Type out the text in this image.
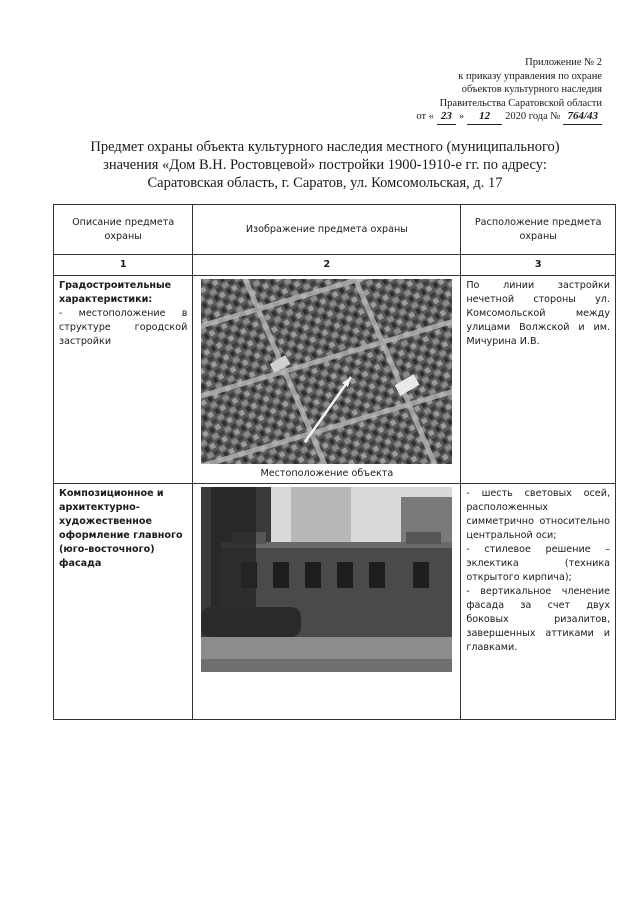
Приложение № 2
к приказу управления по охране
объектов культурного наследия
Правительства Саратовской области
от « 23 »	12	2020 года № 764/43
Предмет охраны объекта культурного наследия местного (муниципального)
значения «Дом В.Н. Ростовцевой» постройки 1900-1910-е гг. по адресу:
Саратовская область, г. Саратов, ул. Комсомольская, д. 17
Описание предмета охраны	Изображение предмета охраны	Расположение предмета охраны
1	2	3

Градостроительные характеристики:

- местоположение в структуре городской застройки	Местоположение объекта	По линии застройки нечетной стороны ул. Комсомольской между улицами Волжской и им. Мичурина И.В.

Композиционное и архитектурно-художественное оформление главного (юго-восточного) фасада		- шесть световых осей, расположенных симметрично относительно центральной оси;

- стилевое решение – эклектика (техника открытого кирпича);

- вертикальное членение фасада за счет двух боковых ризалитов, завершенных аттиками и главками.
